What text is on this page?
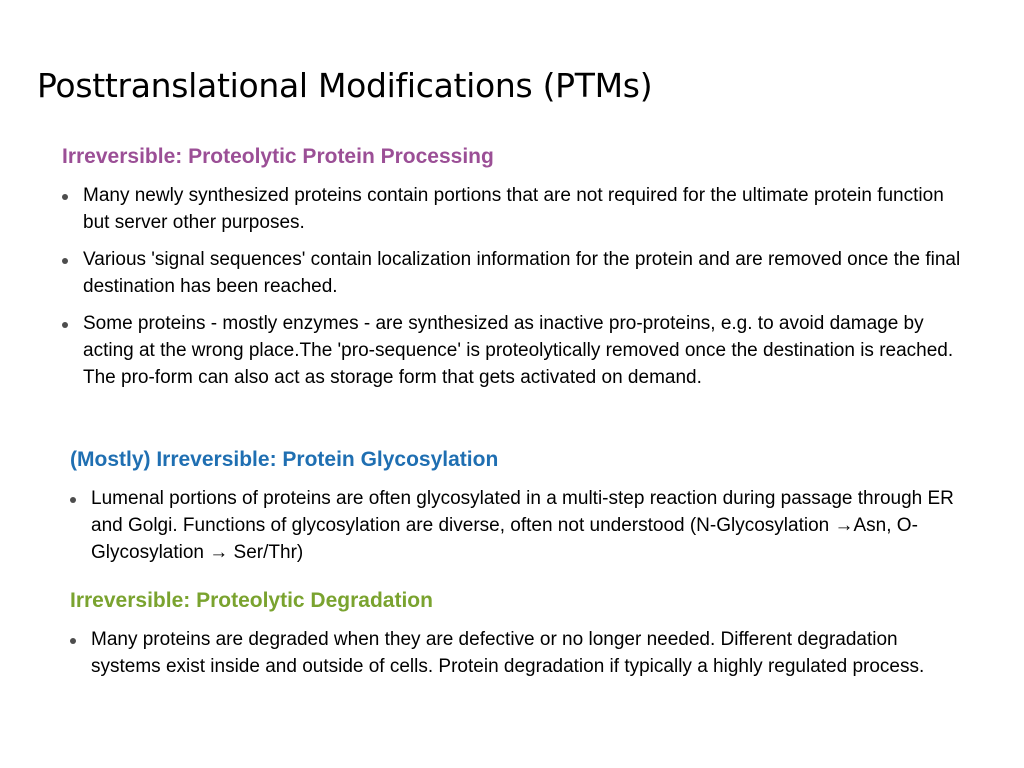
Posttranslational Modifications (PTMs)
Irreversible: Proteolytic Protein Processing
Many newly synthesized proteins contain portions that are not required for the ultimate protein function but server other purposes.
Various 'signal sequences' contain localization information for the protein and are removed once the final destination has been reached.
Some proteins - mostly enzymes - are synthesized as inactive pro-proteins, e.g. to avoid damage by acting at the wrong place.The 'pro-sequence' is proteolytically removed once the destination is reached. The pro-form can also act as storage form that gets activated on demand.
(Mostly) Irreversible: Protein Glycosylation
Lumenal portions of proteins are often glycosylated in a multi-step reaction during passage through ER and Golgi. Functions of glycosylation are diverse, often not understood (N-Glycosylation →Asn, O-Glycosylation → Ser/Thr)
Irreversible: Proteolytic Degradation
Many proteins are degraded when they are defective or no longer needed. Different degradation systems exist inside and outside of cells. Protein degradation if typically a highly regulated process.
